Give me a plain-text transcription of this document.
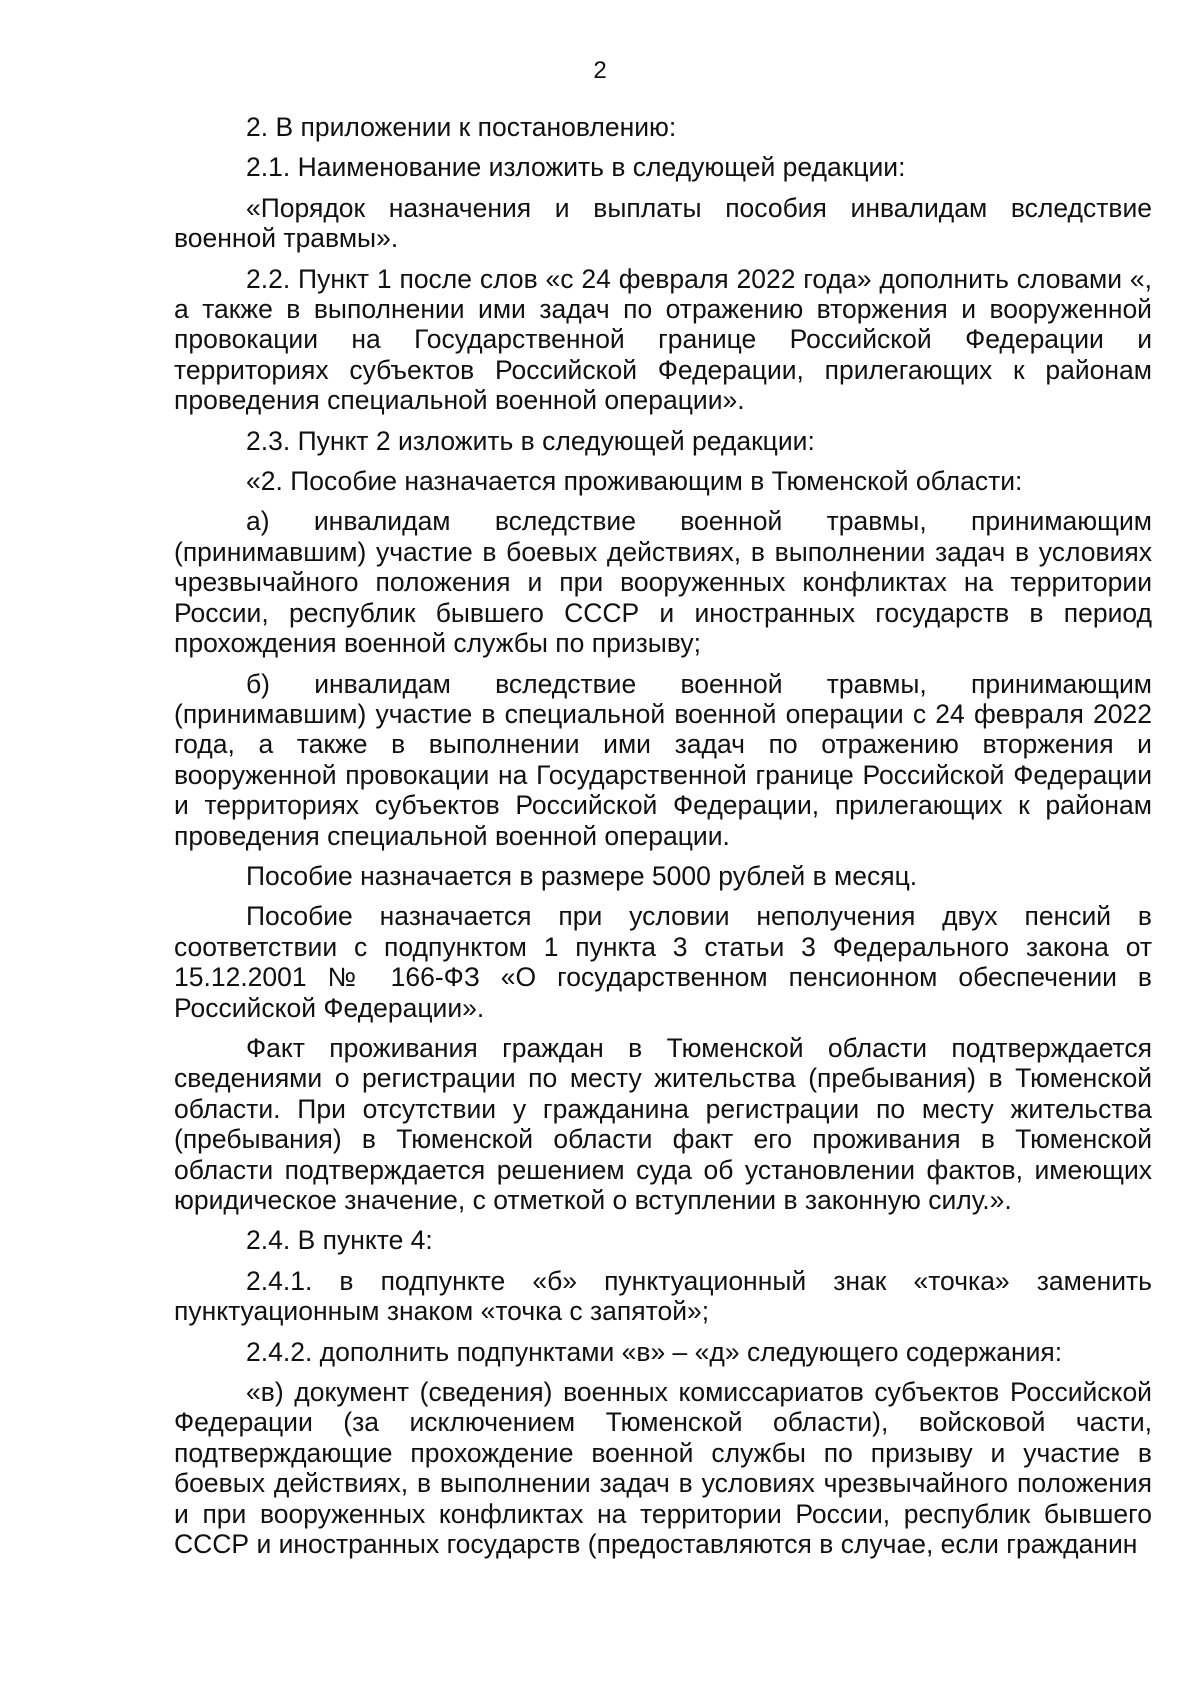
2

2. В приложении к постановлению:

2.1. Наименование изложить в следующей редакции:

«Порядок назначения и выплаты пособия инвалидам вследствие военной травмы».

2.2. Пункт 1 после слов «с 24 февраля 2022 года» дополнить словами «, а также в выполнении ими задач по отражению вторжения и вооруженной провокации на Государственной границе Российской Федерации и территориях субъектов Российской Федерации, прилегающих к районам проведения специальной военной операции».

2.3. Пункт 2 изложить в следующей редакции:

«2. Пособие назначается проживающим в Тюменской области:

а) инвалидам вследствие военной травмы, принимающим (принимавшим) участие в боевых действиях, в выполнении задач в условиях чрезвычайного положения и при вооруженных конфликтах на территории России, республик бывшего СССР и иностранных государств в период прохождения военной службы по призыву;

б) инвалидам вследствие военной травмы, принимающим (принимавшим) участие в специальной военной операции с 24 февраля 2022 года, а также в выполнении ими задач по отражению вторжения и вооруженной провокации на Государственной границе Российской Федерации и территориях субъектов Российской Федерации, прилегающих к районам проведения специальной военной операции.

Пособие назначается в размере 5000 рублей в месяц.

Пособие назначается при условии неполучения двух пенсий в соответствии с подпунктом 1 пункта 3 статьи 3 Федерального закона от 15.12.2001 № 166-ФЗ «О государственном пенсионном обеспечении в Российской Федерации».

Факт проживания граждан в Тюменской области подтверждается сведениями о регистрации по месту жительства (пребывания) в Тюменской области. При отсутствии у гражданина регистрации по месту жительства (пребывания) в Тюменской области факт его проживания в Тюменской области подтверждается решением суда об установлении фактов, имеющих юридическое значение, с отметкой о вступлении в законную силу.».

2.4. В пункте 4:

2.4.1. в подпункте «б» пунктуационный знак «точка» заменить пунктуационным знаком «точка с запятой»;

2.4.2. дополнить подпунктами «в» – «д» следующего содержания:

«в) документ (сведения) военных комиссариатов субъектов Российской Федерации (за исключением Тюменской области), войсковой части, подтверждающие прохождение военной службы по призыву и участие в боевых действиях, в выполнении задач в условиях чрезвычайного положения и при вооруженных конфликтах на территории России, республик бывшего СССР и иностранных государств (предоставляются в случае, если гражданин
